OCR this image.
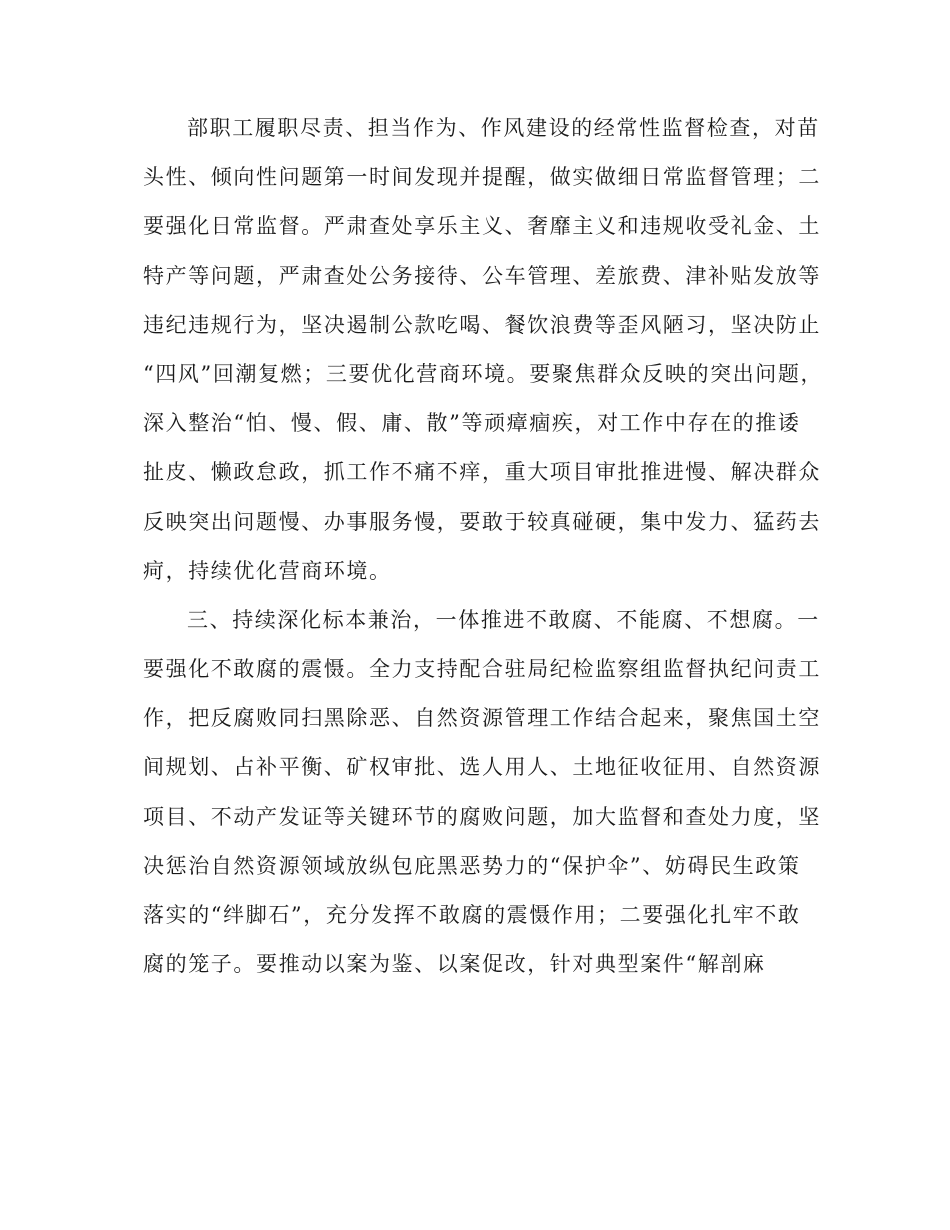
部职工履职尽责、担当作为、作风建设的经常性监督检查，对苗
头性、倾向性问题第一时间发现并提醒，做实做细日常监督管理；二
要强化日常监督。严肃查处享乐主义、奢靡主义和违规收受礼金、土
特产等问题，严肃查处公务接待、公车管理、差旅费、津补贴发放等
违纪违规行为，坚决遏制公款吃喝、餐饮浪费等歪风陋习，坚决防止
“四风”回潮复燃；三要优化营商环境。要聚焦群众反映的突出问题，
深入整治“怕、慢、假、庸、散”等顽瘴痼疾，对工作中存在的推诿
扯皮、懒政怠政，抓工作不痛不痒，重大项目审批推进慢、解决群众
反映突出问题慢、办事服务慢，要敢于较真碰硬，集中发力、猛药去
疴，持续优化营商环境。
三、持续深化标本兼治，一体推进不敢腐、不能腐、不想腐。一
要强化不敢腐的震慑。全力支持配合驻局纪检监察组监督执纪问责工
作，把反腐败同扫黑除恶、自然资源管理工作结合起来，聚焦国土空
间规划、占补平衡、矿权审批、选人用人、土地征收征用、自然资源
项目、不动产发证等关键环节的腐败问题，加大监督和查处力度，坚
决惩治自然资源领域放纵包庇黑恶势力的“保护伞”、妨碍民生政策
落实的“绊脚石”，充分发挥不敢腐的震慑作用；二要强化扎牢不敢
腐的笼子。要推动以案为鉴、以案促改，针对典型案件“解剖麻
